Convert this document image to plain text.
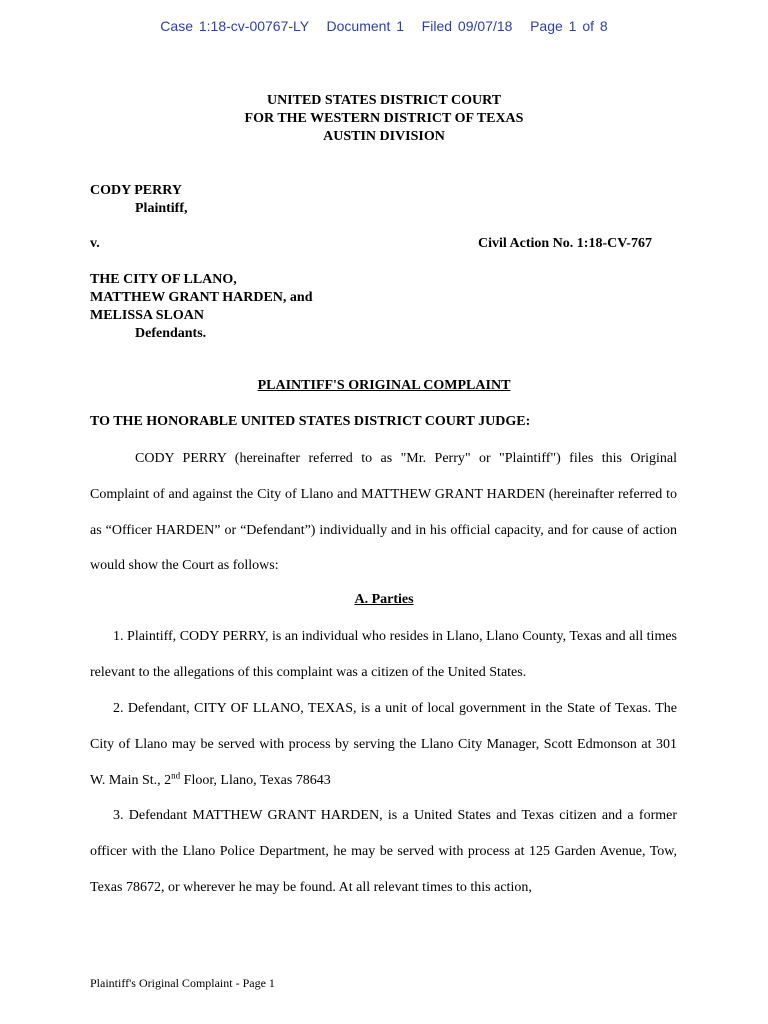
Case 1:18-cv-00767-LY   Document 1   Filed 09/07/18   Page 1 of 8
UNITED STATES DISTRICT COURT
FOR THE WESTERN DISTRICT OF TEXAS
AUSTIN DIVISION
CODY PERRY
Plaintiff,
v.	Civil Action No. 1:18-CV-767
THE CITY OF LLANO,
MATTHEW GRANT HARDEN, and
MELISSA SLOAN
Defendants.
PLAINTIFF'S ORIGINAL COMPLAINT
TO THE HONORABLE UNITED STATES DISTRICT COURT JUDGE:
CODY PERRY (hereinafter referred to as "Mr. Perry" or "Plaintiff") files this Original Complaint of and against the City of Llano and MATTHEW GRANT HARDEN (hereinafter referred to as “Officer HARDEN” or “Defendant”) individually and in his official capacity, and for cause of action would show the Court as follows:
A. Parties
1. Plaintiff, CODY PERRY, is an individual who resides in Llano, Llano County, Texas and all times relevant to the allegations of this complaint was a citizen of the United States.
2. Defendant, CITY OF LLANO, TEXAS, is a unit of local government in the State of Texas. The City of Llano may be served with process by serving the Llano City Manager, Scott Edmonson at 301 W. Main St., 2nd Floor, Llano, Texas 78643
3. Defendant MATTHEW GRANT HARDEN, is a United States and Texas citizen and a former officer with the Llano Police Department, he may be served with process at 125 Garden Avenue, Tow, Texas 78672, or wherever he may be found. At all relevant times to this action,
Plaintiff's Original Complaint - Page 1
